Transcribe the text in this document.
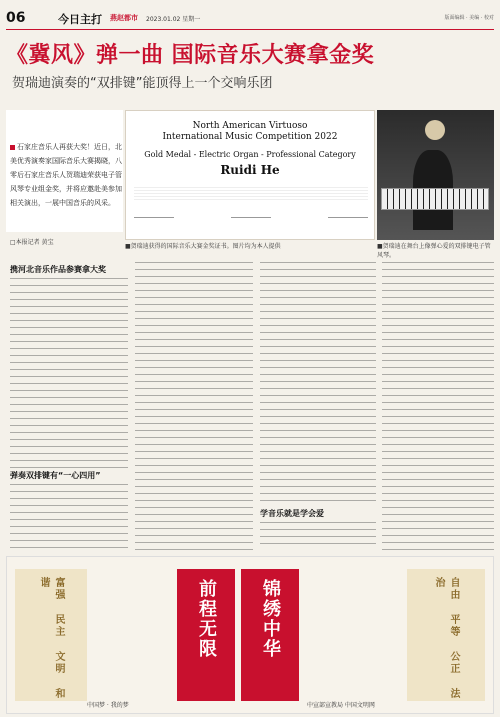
06	今日主打 燕赵都市 2023.01.02 星期一	版面编辑 · 美编 · 校对
《冀风》弹一曲 国际音乐大赛拿金奖
贺瑞迪演奏的“双排键”能顶得上一个交响乐团
石家庄音乐人再获大奖！近日，北美优秀演奏家国际音乐大赛揭晓，八零后石家庄音乐人贺瑞迪荣获电子管风琴专业组金奖，并将应邀赴美参加相关演出，一展中国音乐的风采。
□本报记者 黄宝
North American Virtuoso
International Music Competition 2022
Gold Medal - Electric Organ - Professional Category
Ruidi He
■贺瑞迪获得的国际音乐大赛金奖证书。图片均为本人提供	■贺瑞迪在舞台上像弹心爱的双排键电子管风琴。
携河北音乐作品参赛拿大奖
弹奏双排键有“一心四用”
学音乐就是学会爱
富强 民主 文明 和谐	前程无限 锦绣中华	自由 平等 公正 法治
中国梦 · 我的梦	中宣部宣教局 中国文明网
